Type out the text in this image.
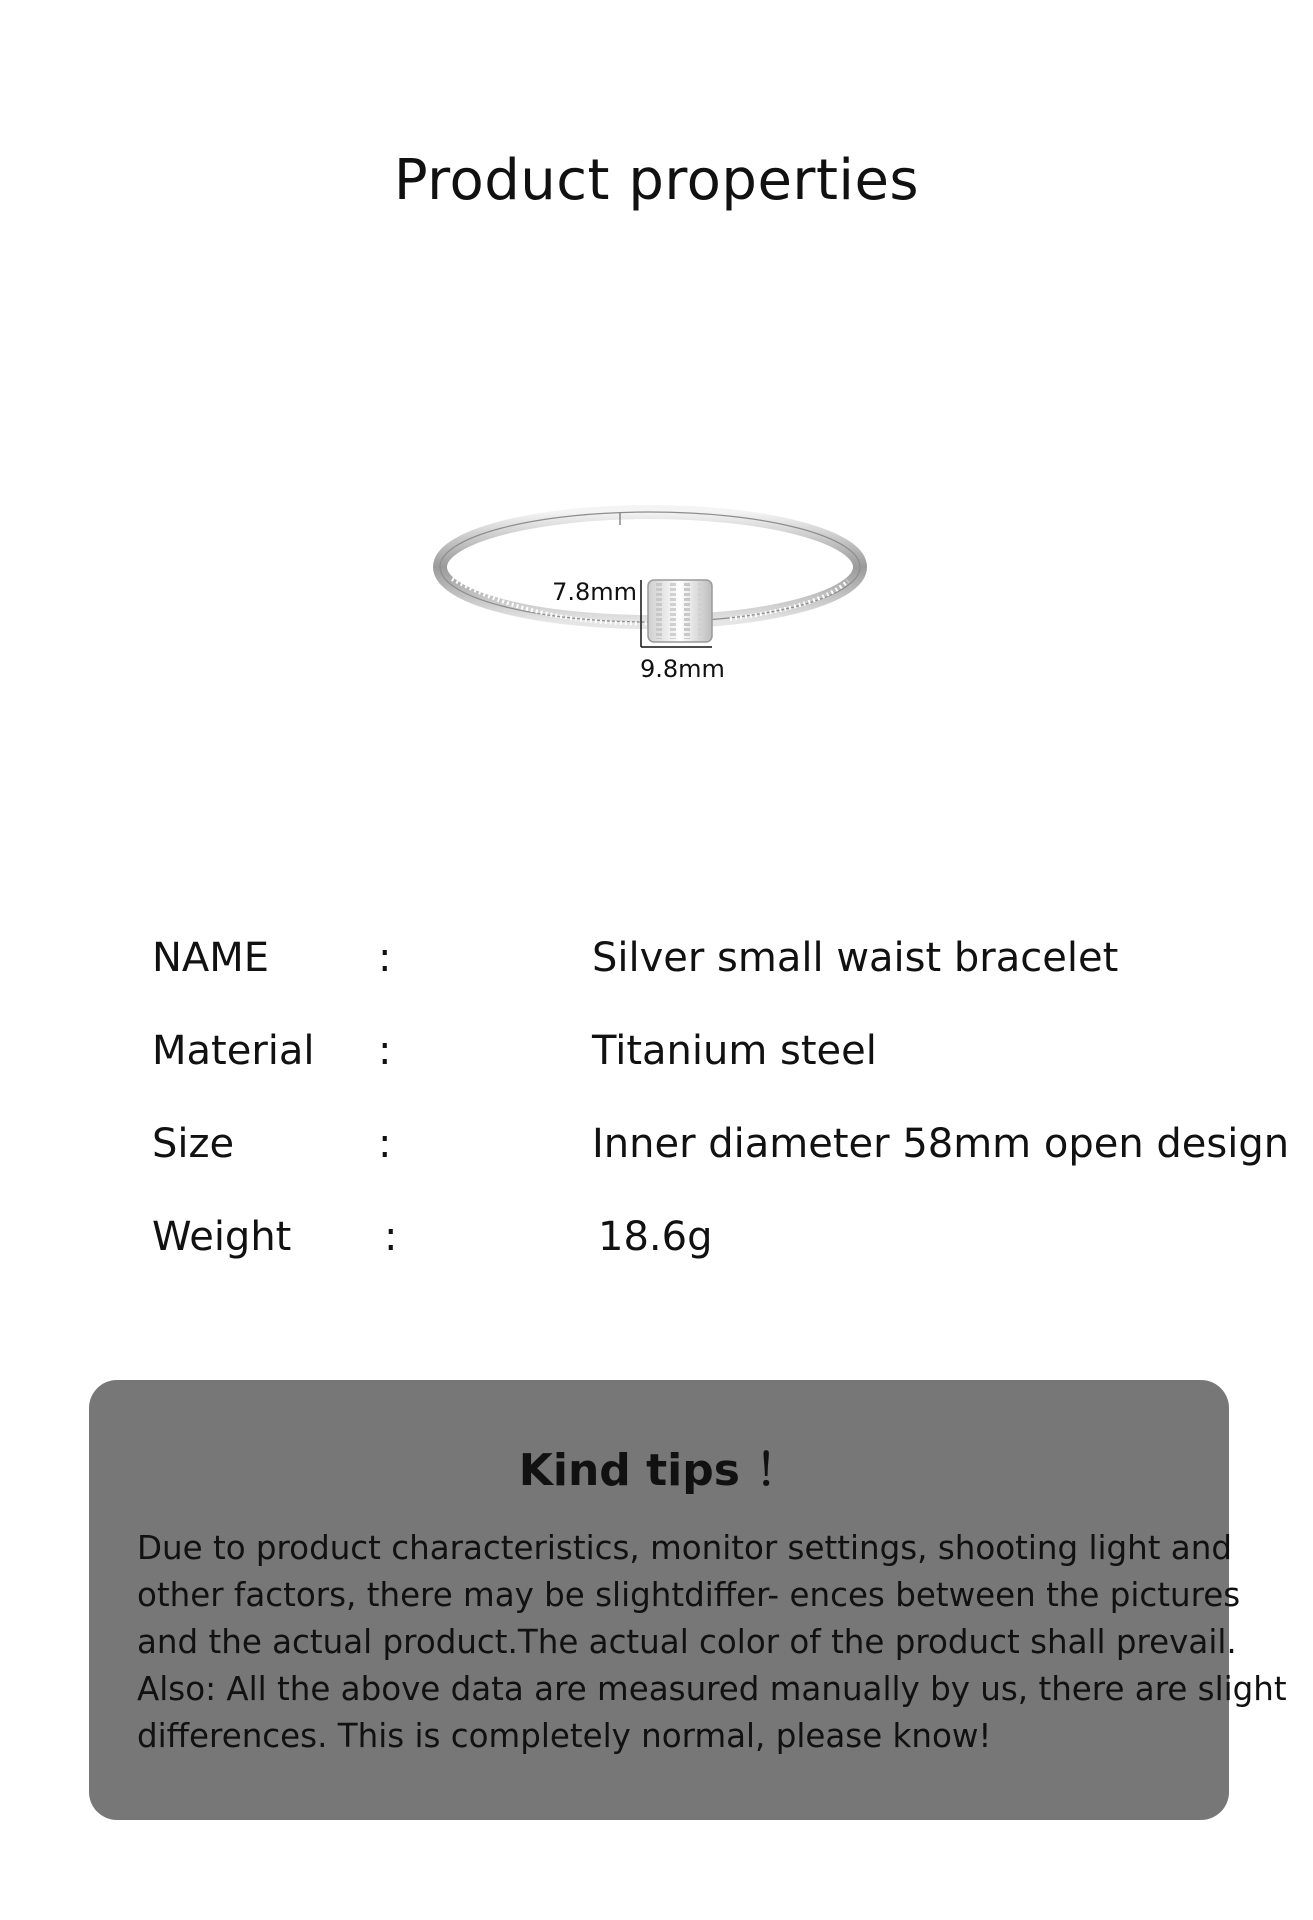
Product properties
7.8mm
9.8mm
NAME	:	Silver small waist bracelet
Material :	Titanium steel
Size	:	Inner diameter 58mm open design
Weight :	18.6g
Kind tips ！
Due to product characteristics, monitor settings, shooting light and
other factors, there may be slightdiffer- ences between the pictures
and the actual product.The actual color of the product shall prevail.
Also: All the above data are measured manually by us, there are slight
differences. This is completely normal, please know!
